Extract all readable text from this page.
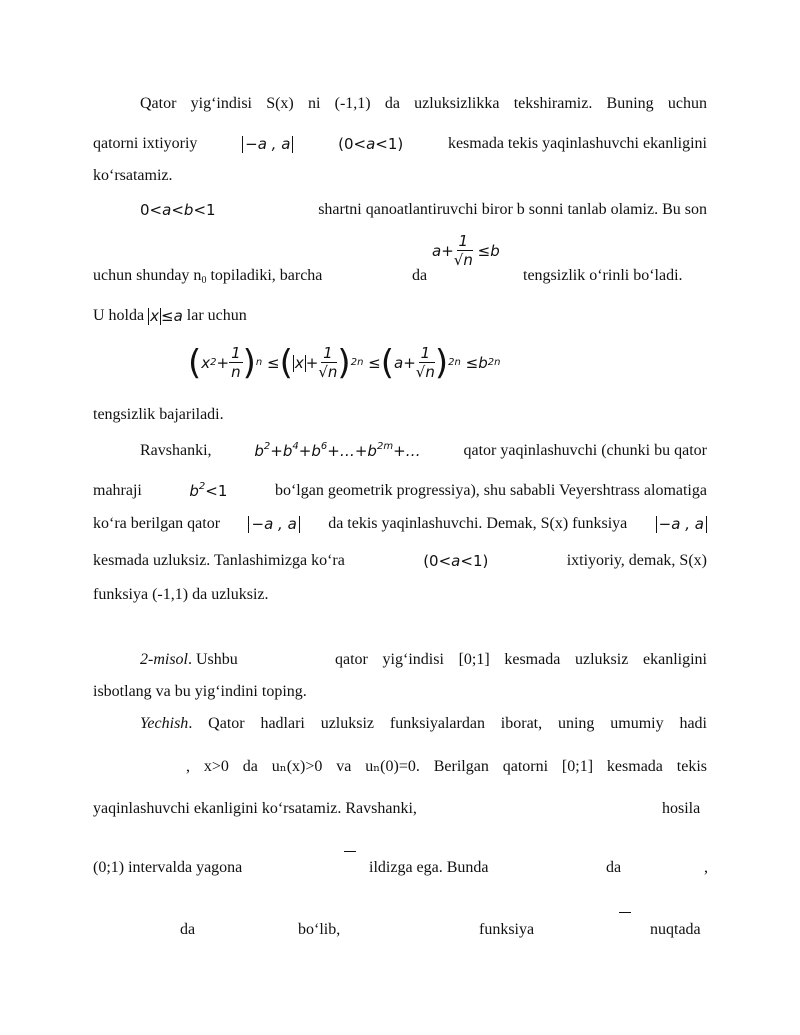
Qator yig‘indisi S(x) ni (-1,1) da uzluksizlikka tekshiramiz. Buning uchun
qatorni ixtiyoriy	−a , a	(0<a<1)	kesmada tekis yaqinlashuvchi ekanligini
ko‘rsatamiz.
0<a<b<1	shartni qanoatlantiruvchi biror b sonni tanlab olamiz. Bu son
uchun shunday $n_0$ topiladiki, barcha	da
$a + \frac{1}{√n} \le b$
tengsizlik o‘rinli bo‘ladi.
U holda
x ≤a
lar uchun
( x $2 + \frac{1}{n}$ ) n ≤ ( $x + \frac{1}{√n}$ ) 2n ≤ ( $a + \frac{1}{√n}$ ) 2n ≤ b 2n
tengsizlik bajariladi.
Ravshanki,	$b^2+b^4+b^6+\dots+b^{2m}+\dots$	qator yaqinlashuvchi (chunki bu qator
mahraji	$b^2<1$	bo‘lgan geometrik progressiya), shu sababli Veyershtrass alomatiga
ko‘ra berilgan qator −a , a da tekis yaqinlashuvchi. Demak, S(x) funksiya −a , a
kesmada uzluksiz. Tanlashimizga ko‘ra	(0<a<1)	ixtiyoriy, demak, S(x)
funksiya (-1,1) da uzluksiz.
2-misol. Ushbu	qator yig‘indisi [0;1] kesmada uzluksiz ekanligini
isbotlang va bu yig‘indini toping.
Yechish. Qator hadlari uzluksiz funksiyalardan iborat, uning umumiy hadi
, x>0 da uₙ(x)>0 va uₙ(0)=0. Berilgan qatorni [0;1] kesmada tekis
yaqinlashuvchi ekanligini ko‘rsatamiz. Ravshanki,	hosila
(0;1) intervalda yagona	ildizga ega. Bunda	da	,
da	bo‘lib,	funksiya	nuqtada
